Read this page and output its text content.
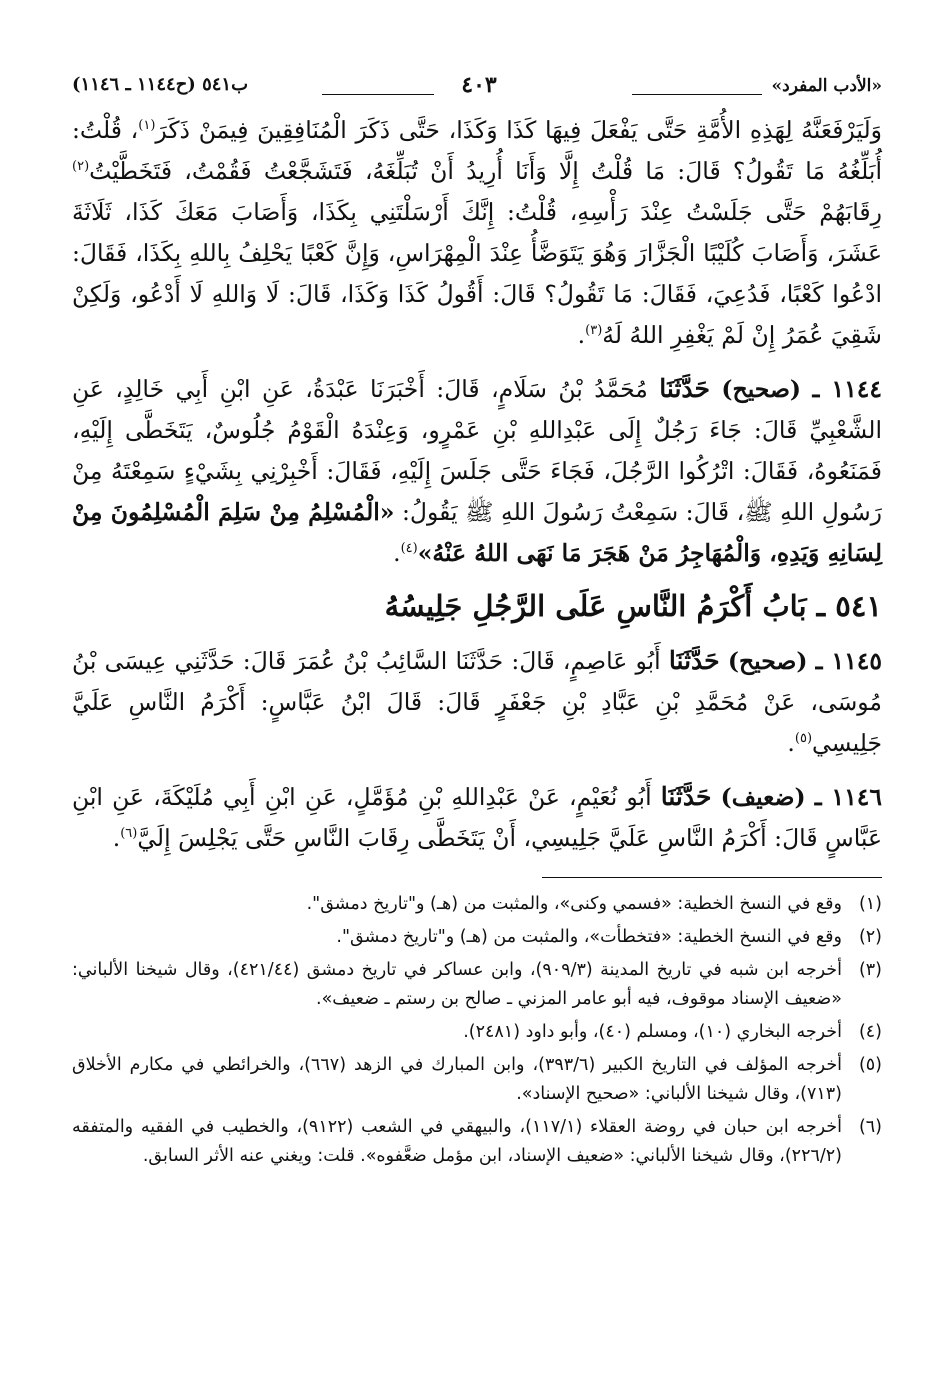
«الأدب المفرد»
٤٠٣
ب٥٤١ (ح١١٤٤ ـ ١١٤٦)

وَلَيَرْفَعَنَّهُ لِهَذِهِ الأُمَّةِ حَتَّى يَفْعَلَ فِيهَا كَذَا وَكَذَا، حَتَّى ذَكَرَ الْمُنَافِقِينَ فِيمَنْ ذَكَرَ$^{(١)}$، قُلْتُ: أُبَلِّغُهُ مَا تَقُولُ؟ قَالَ: مَا قُلْتُ إِلَّا وَأَنَا أُرِيدُ أَنْ تُبَلِّغَهُ، فَتَشَجَّعْتُ فَقُمْتُ، فَتَخَطَّيْتُ$^{(٢)}$ رِقَابَهُمْ حَتَّى جَلَسْتُ عِنْدَ رَأْسِهِ، قُلْتُ: إِنَّكَ أَرْسَلْتَنِي بِكَذَا، وَأَصَابَ مَعَكَ كَذَا، ثَلَاثَةَ عَشَرَ، وَأَصَابَ كُلَيْبًا الْجَزَّارَ وَهُوَ يَتَوَضَّأُ عِنْدَ الْمِهْرَاسِ، وَإِنَّ كَعْبًا يَحْلِفُ بِاللهِ بِكَذَا، فَقَالَ: ادْعُوا كَعْبًا، فَدُعِيَ، فَقَالَ: مَا تَقُولُ؟ قَالَ: أَقُولُ كَذَا وَكَذَا، قَالَ: لَا وَاللهِ لَا أَدْعُو، وَلَكِنْ شَقِيَ عُمَرُ إِنْ لَمْ يَغْفِرِ اللهُ لَهُ$^{(٣)}$.

١١٤٤ ـ (صحيح) حَدَّثَنَا مُحَمَّدُ بْنُ سَلَامٍ، قَالَ: أَخْبَرَنَا عَبْدَةُ، عَنِ ابْنِ أَبِي خَالِدٍ، عَنِ الشَّعْبِيِّ قَالَ: جَاءَ رَجُلٌ إِلَى عَبْدِاللهِ بْنِ عَمْرٍو، وَعِنْدَهُ الْقَوْمُ جُلُوسٌ، يَتَخَطَّى إِلَيْهِ، فَمَنَعُوهُ، فَقَالَ: اتْرُكُوا الرَّجُلَ، فَجَاءَ حَتَّى جَلَسَ إِلَيْهِ، فَقَالَ: أَخْبِرْنِي بِشَيْءٍ سَمِعْتَهُ مِنْ رَسُولِ اللهِ ﷺ، قَالَ: سَمِعْتُ رَسُولَ اللهِ ﷺ يَقُولُ: «الْمُسْلِمُ مِنْ سَلِمَ الْمُسْلِمُونَ مِنْ لِسَانِهِ وَيَدِهِ، وَالْمُهَاجِرُ مَنْ هَجَرَ مَا نَهَى اللهُ عَنْهُ»$^{(٤)}$.

٥٤١ ـ بَابُ أَكْرَمُ النَّاسِ عَلَى الرَّجُلِ جَلِيسُهُ

١١٤٥ ـ (صحيح) حَدَّثَنَا أَبُو عَاصِمٍ، قَالَ: حَدَّثَنَا السَّائِبُ بْنُ عُمَرَ قَالَ: حَدَّثَنِي عِيسَى بْنُ مُوسَى، عَنْ مُحَمَّدِ بْنِ عَبَّادِ بْنِ جَعْفَرٍ قَالَ: قَالَ ابْنُ عَبَّاسٍ: أَكْرَمُ النَّاسِ عَلَيَّ جَلِيسِي$^{(٥)}$.

١١٤٦ ـ (ضعيف) حَدَّثَنَا أَبُو نُعَيْمٍ، عَنْ عَبْدِاللهِ بْنِ مُؤَمَّلٍ، عَنِ ابْنِ أَبِي مُلَيْكَةَ، عَنِ ابْنِ عَبَّاسٍ قَالَ: أَكْرَمُ النَّاسِ عَلَيَّ جَلِيسِي، أَنْ يَتَخَطَّى رِقَابَ النَّاسِ حَتَّى يَجْلِسَ إِلَيَّ$^{(٦)}$.

(١)
وقع في النسخ الخطية: «فسمي وكنى»، والمثبت من (هـ) و"تاريخ دمشق".
(٢)
وقع في النسخ الخطية: «فتخطأت»، والمثبت من (هـ) و"تاريخ دمشق".
(٣)
أخرجه ابن شبه في تاريخ المدينة (٩٠٩/٣)، وابن عساكر في تاريخ دمشق (٤٢١/٤٤)، وقال شيخنا الألباني: «ضعيف الإسناد موقوف، فيه أبو عامر المزني ـ صالح بن رستم ـ ضعيف».
(٤)
أخرجه البخاري (١٠)، ومسلم (٤٠)، وأبو داود (٢٤٨١).
(٥)
أخرجه المؤلف في التاريخ الكبير (٣٩٣/٦)، وابن المبارك في الزهد (٦٦٧)، والخرائطي في مكارم الأخلاق (٧١٣)، وقال شيخنا الألباني: «صحيح الإسناد».
(٦)
أخرجه ابن حبان في روضة العقلاء (١١٧/١)، والبيهقي في الشعب (٩١٢٢)، والخطيب في الفقيه والمتفقه (٢٢٦/٢)، وقال شيخنا الألباني: «ضعيف الإسناد، ابن مؤمل ضعَّفوه». قلت: ويغني عنه الأثر السابق.
